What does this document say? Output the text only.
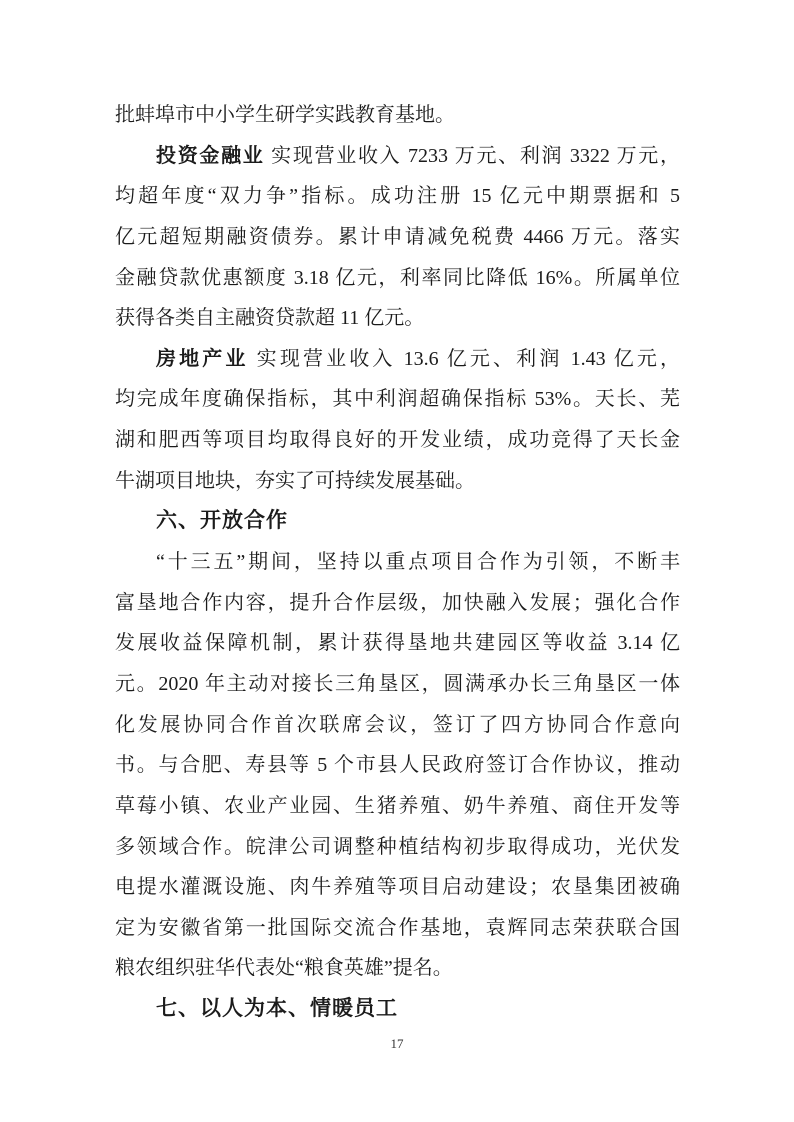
批蚌埠市中小学生研学实践教育基地。
投资金融业 实现营业收入 7233 万元、利润 3322 万元，
均超年度“双力争”指标。成功注册 15 亿元中期票据和 5
亿元超短期融资债券。累计申请减免税费 4466 万元。落实
金融贷款优惠额度 3.18 亿元，利率同比降低 16%。所属单位
获得各类自主融资贷款超 11 亿元。
房地产业 实现营业收入 13.6 亿元、利润 1.43 亿元，
均完成年度确保指标，其中利润超确保指标 53%。天长、芜
湖和肥西等项目均取得良好的开发业绩，成功竞得了天长金
牛湖项目地块，夯实了可持续发展基础。
六、开放合作
“十三五”期间，坚持以重点项目合作为引领，不断丰
富垦地合作内容，提升合作层级，加快融入发展；强化合作
发展收益保障机制，累计获得垦地共建园区等收益 3.14 亿
元。2020 年主动对接长三角垦区，圆满承办长三角垦区一体
化发展协同合作首次联席会议，签订了四方协同合作意向
书。与合肥、寿县等 5 个市县人民政府签订合作协议，推动
草莓小镇、农业产业园、生猪养殖、奶牛养殖、商住开发等
多领域合作。皖津公司调整种植结构初步取得成功，光伏发
电提水灌溉设施、肉牛养殖等项目启动建设；农垦集团被确
定为安徽省第一批国际交流合作基地，袁辉同志荣获联合国
粮农组织驻华代表处“粮食英雄”提名。
七、以人为本、情暖员工
17
